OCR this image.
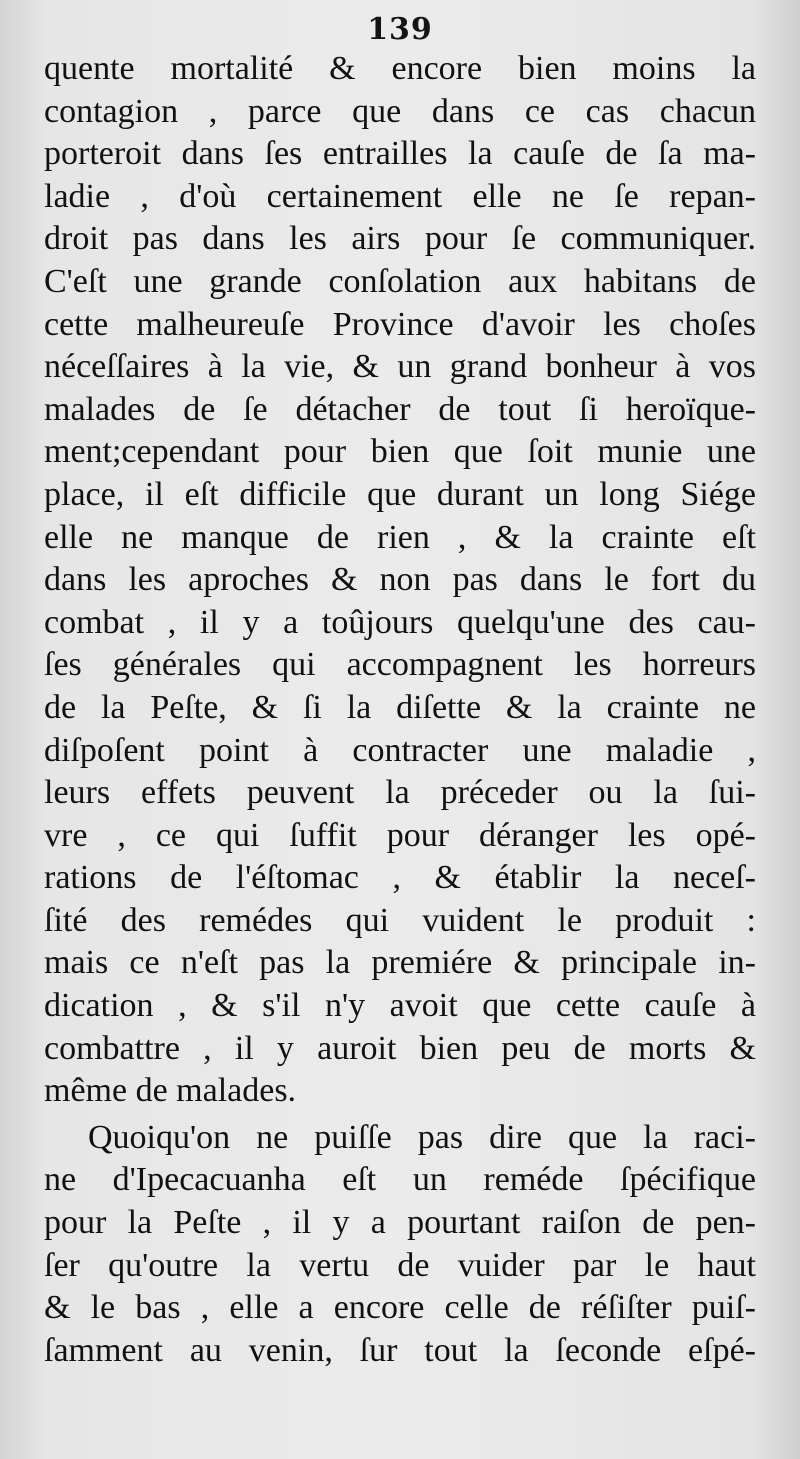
139
quente mortalité & encore bien moins la
contagion , parce que dans ce cas chacun
porteroit dans ſes entrailles la cauſe de ſa ma-
ladie , d'où certainement elle ne ſe repan-
droit pas dans les airs pour ſe communiquer.
C'eſt une grande conſolation aux habitans de
cette malheureuſe Province d'avoir les choſes
néceſſaires à la vie, & un grand bonheur à vos
malades de ſe détacher de tout ſi heroïque-
ment;cependant pour bien que ſoit munie une
place, il eſt difficile que durant un long Siége
elle ne manque de rien , & la crainte eſt
dans les aproches & non pas dans le fort du
combat , il y a toûjours quelqu'une des cau-
ſes générales qui accompagnent les horreurs
de la Peſte, & ſi la diſette & la crainte ne
diſpoſent point à contracter une maladie ,
leurs effets peuvent la préceder ou la ſui-
vre , ce qui ſuffit pour déranger les opé-
rations de l'éſtomac , & établir la neceſ-
ſité des remédes qui vuident le produit :
mais ce n'eſt pas la premiére & principale in-
dication , & s'il n'y avoit que cette cauſe à
combattre , il y auroit bien peu de morts &
même de malades.
Quoiqu'on ne puiſſe pas dire que la raci-
ne d'Ipecacuanha eſt un reméde ſpécifique
pour la Peſte , il y a pourtant raiſon de pen-
ſer qu'outre la vertu de vuider par le haut
& le bas , elle a encore celle de réſiſter puiſ-
ſamment au venin, ſur tout la ſeconde eſpé-
